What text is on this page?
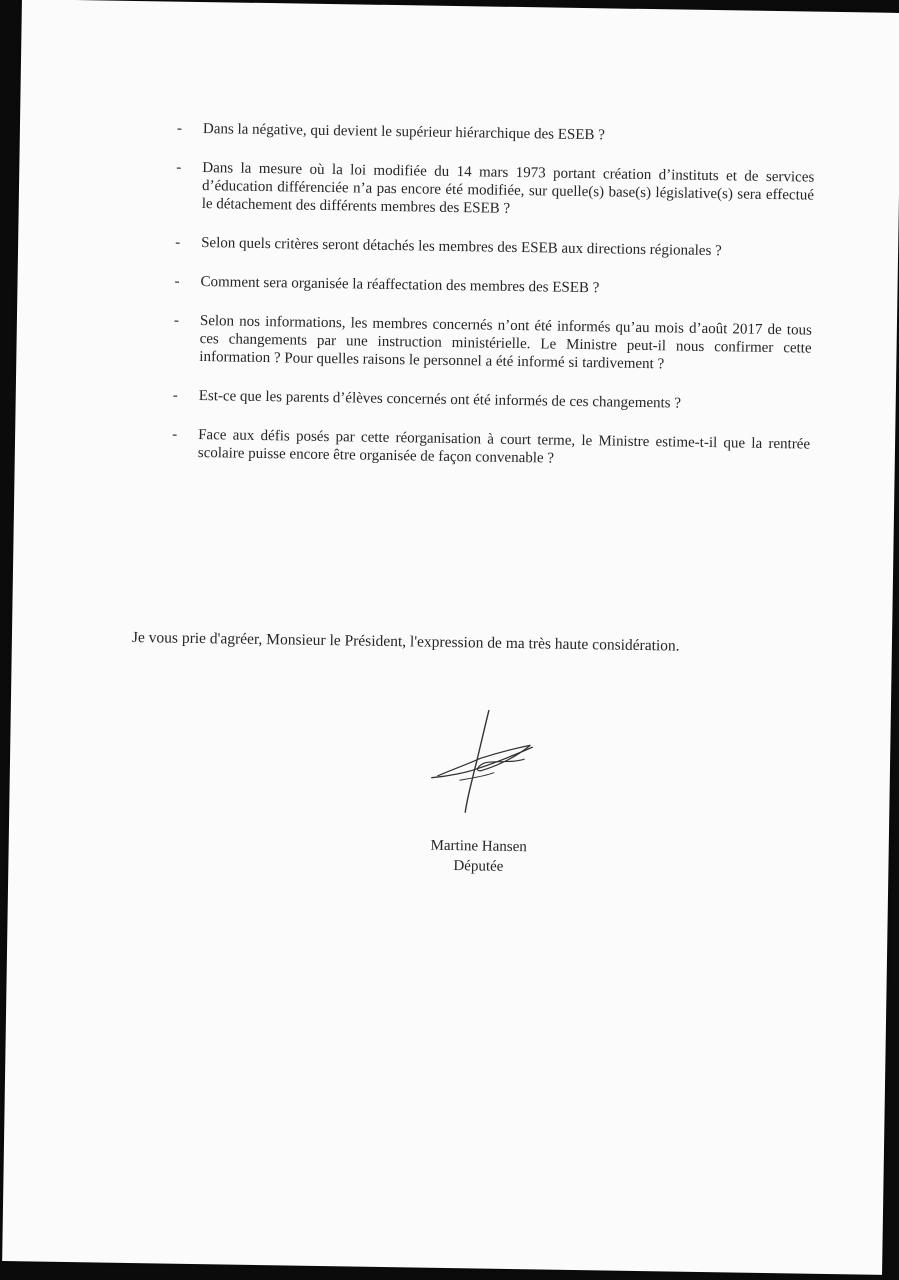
- Dans la négative, qui devient le supérieur hiérarchique des ESEB ?
- Dans la mesure où la loi modifiée du 14 mars 1973 portant création d’instituts et de services d’éducation différenciée n’a pas encore été modifiée, sur quelle(s) base(s) législative(s) sera effectué le détachement des différents membres des ESEB ?
- Selon quels critères seront détachés les membres des ESEB aux directions régionales ?
- Comment sera organisée la réaffectation des membres des ESEB ?
- Selon nos informations, les membres concernés n’ont été informés qu’au mois d’août 2017 de tous ces changements par une instruction ministérielle. Le Ministre peut-il nous confirmer cette information ? Pour quelles raisons le personnel a été informé si tardivement ?
- Est-ce que les parents d’élèves concernés ont été informés de ces changements ?
- Face aux défis posés par cette réorganisation à court terme, le Ministre estime-t-il que la rentrée scolaire puisse encore être organisée de façon convenable ?
Je vous prie d'agréer, Monsieur le Président, l'expression de ma très haute considération.
Martine Hansen
Députée
